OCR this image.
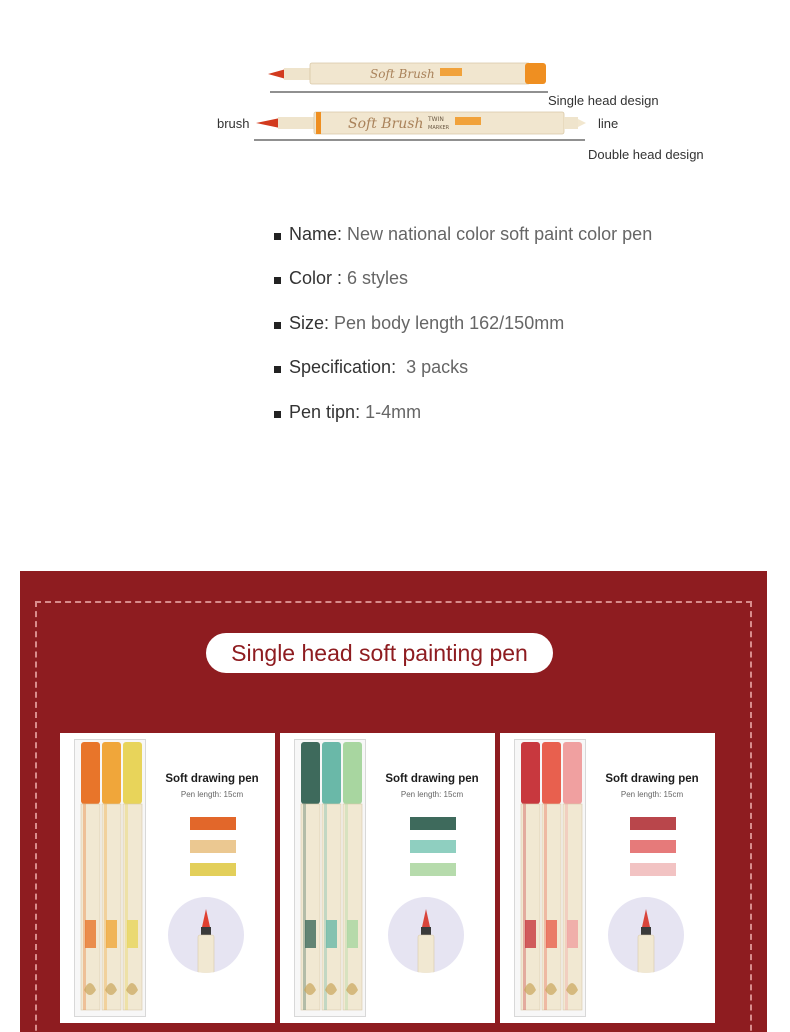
Soft Brush
Soft Brush TWIN
MARKER
Single head design
brush	line
Double head design
Name : New national color soft paint color pen
Color : 6 styles
Size : Pen body length 162/150mm
Specification : 3 packs
Pen tipn : 1-4mm
Single head soft painting pen
Soft drawing pen
Pen length: 15cm
Soft drawing pen
Pen length: 15cm
Soft drawing pen
Pen length: 15cm
